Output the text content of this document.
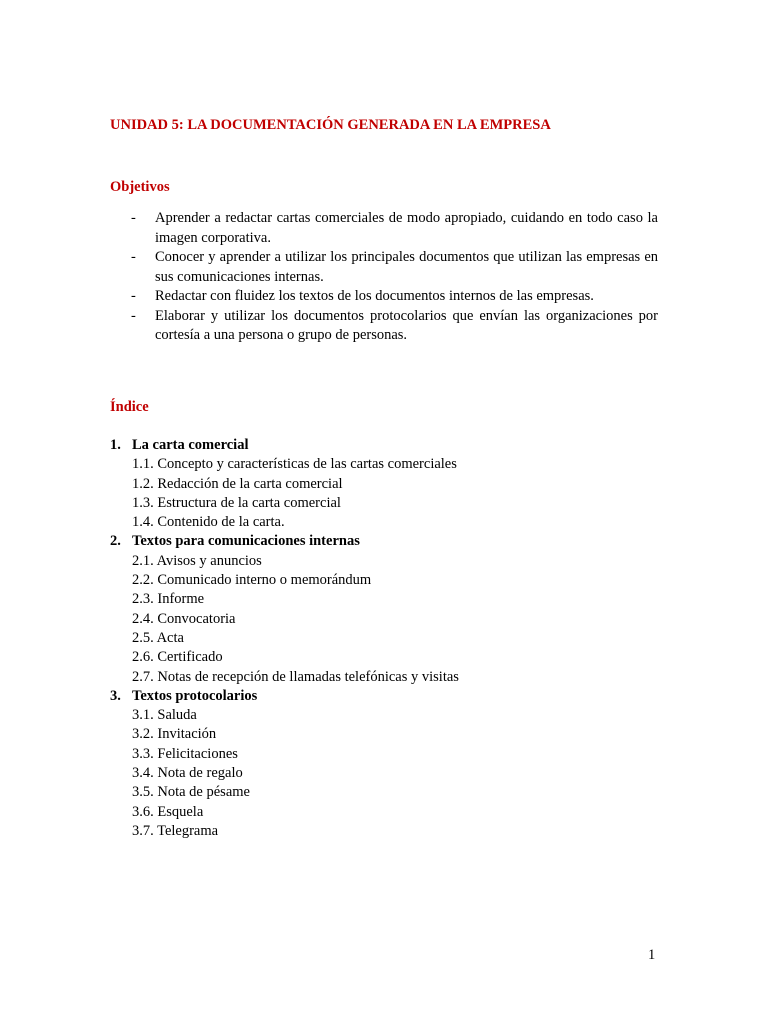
UNIDAD 5: LA DOCUMENTACIÓN GENERADA EN LA EMPRESA
Objetivos
- Aprender a redactar cartas comerciales de modo apropiado, cuidando en todo caso la imagen corporativa.
- Conocer y aprender a utilizar los principales documentos que utilizan las empresas en sus comunicaciones internas.
- Redactar con fluidez los textos de los documentos internos de las empresas.
- Elaborar y utilizar los documentos protocolarios que envían las organizaciones por cortesía a una persona o grupo de personas.
Índice
1. La carta comercial
1.1. Concepto y características de las cartas comerciales
1.2. Redacción de la carta comercial
1.3. Estructura de la carta comercial
1.4. Contenido de la carta.
2. Textos para comunicaciones internas
2.1. Avisos y anuncios
2.2. Comunicado interno o memorándum
2.3. Informe
2.4. Convocatoria
2.5. Acta
2.6. Certificado
2.7. Notas de recepción de llamadas telefónicas y visitas
3. Textos protocolarios
3.1. Saluda
3.2. Invitación
3.3. Felicitaciones
3.4. Nota de regalo
3.5. Nota de pésame
3.6. Esquela
3.7. Telegrama
1
